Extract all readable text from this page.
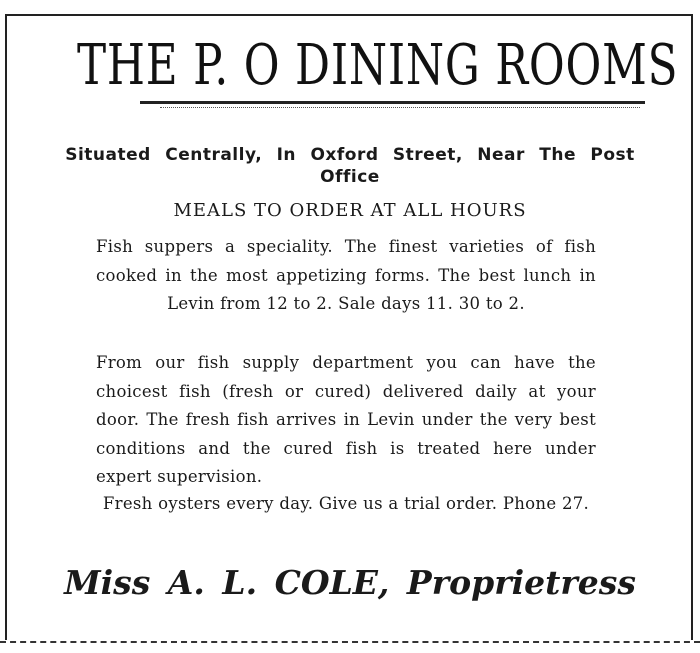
THE P. O DINING ROOMS
Situated Centrally, In Oxford Street, Near The Post Office
MEALS TO ORDER AT ALL HOURS
Fish suppers a speciality. The finest varieties of fish cooked in the most appetizing forms. The best lunch in Levin from 12 to 2. Sale days 11. 30 to 2.
From our fish supply department you can have the choicest fish (fresh or cured) delivered daily at your door. The fresh fish arrives in Levin under the very best conditions and the cured fish is treated here under expert supervision.
Fresh oysters every day. Give us a trial order. Phone 27.
Miss A. L. COLE, Proprietress
